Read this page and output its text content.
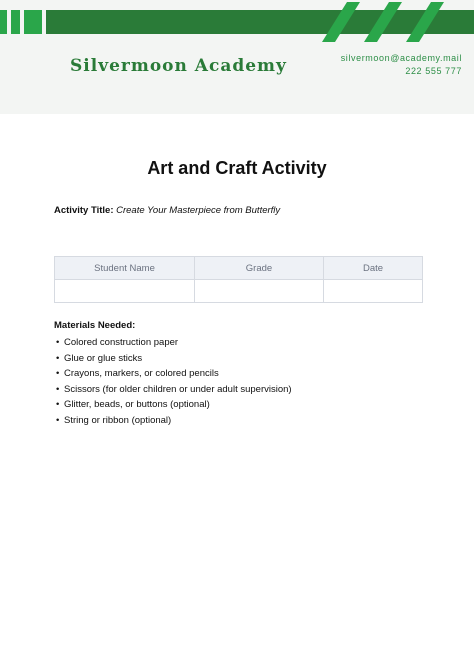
Silvermoon Academy	silvermoon@academy.mail
222 555 777
Art and Craft Activity
Activity Title: Create Your Masterpiece from Butterfly
Student Name	Grade	Date

Materials Needed:
• Colored construction paper
• Glue or glue sticks
• Crayons, markers, or colored pencils
• Scissors (for older children or under adult supervision)
• Glitter, beads, or buttons (optional)
• String or ribbon (optional)
